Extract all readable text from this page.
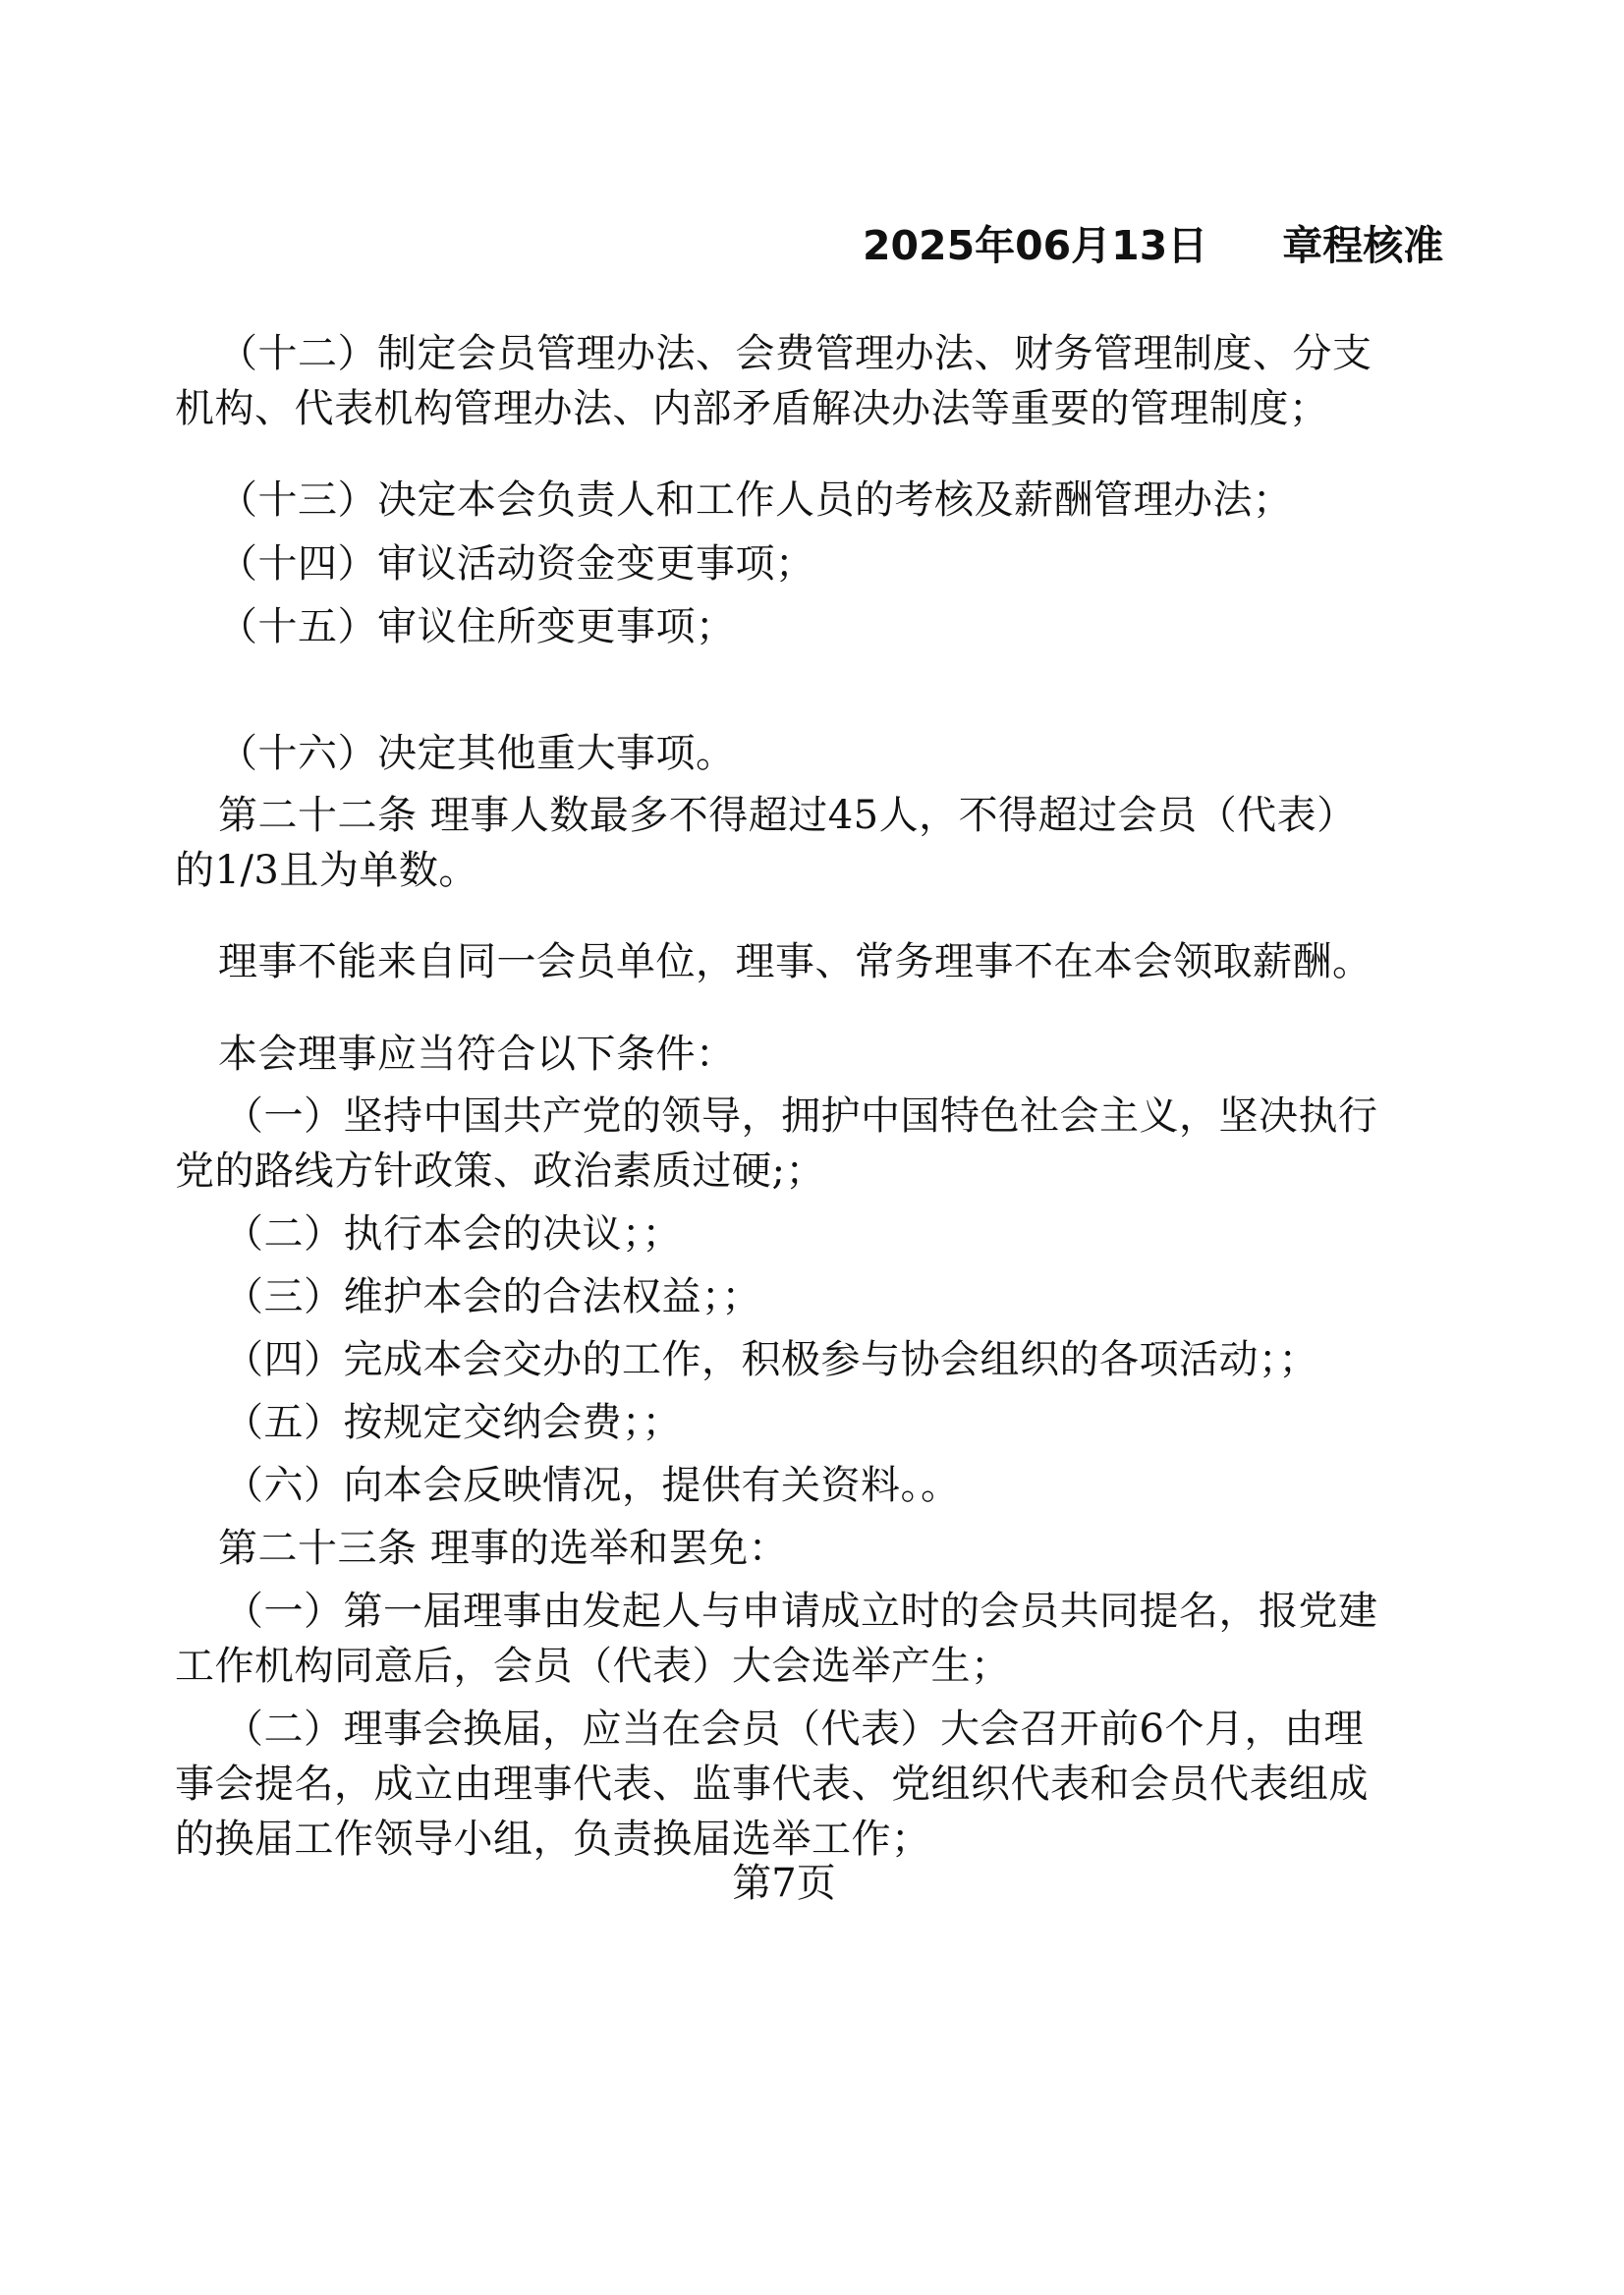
2025年06月13日 章程核准
（十二）制定会员管理办法、会费管理办法、财务管理制度、分支
机构、代表机构管理办法、内部矛盾解决办法等重要的管理制度；
（十三）决定本会负责人和工作人员的考核及薪酬管理办法；
（十四）审议活动资金变更事项；
（十五）审议住所变更事项；
（十六）决定其他重大事项。
第二十二条 理事人数最多不得超过45人，不得超过会员（代表）
的1/3且为单数。
理事不能来自同一会员单位，理事、常务理事不在本会领取薪酬。
本会理事应当符合以下条件：
（一）坚持中国共产党的领导，拥护中国特色社会主义，坚决执行
党的路线方针政策、政治素质过硬;；
（二）执行本会的决议；；
（三）维护本会的合法权益；；
（四）完成本会交办的工作，积极参与协会组织的各项活动；；
（五）按规定交纳会费；；
（六）向本会反映情况，提供有关资料。。
第二十三条 理事的选举和罢免：
（一）第一届理事由发起人与申请成立时的会员共同提名，报党建
工作机构同意后，会员（代表）大会选举产生；
（二）理事会换届，应当在会员（代表）大会召开前6个月，由理
事会提名，成立由理事代表、监事代表、党组织代表和会员代表组成
的换届工作领导小组，负责换届选举工作；
第7页
